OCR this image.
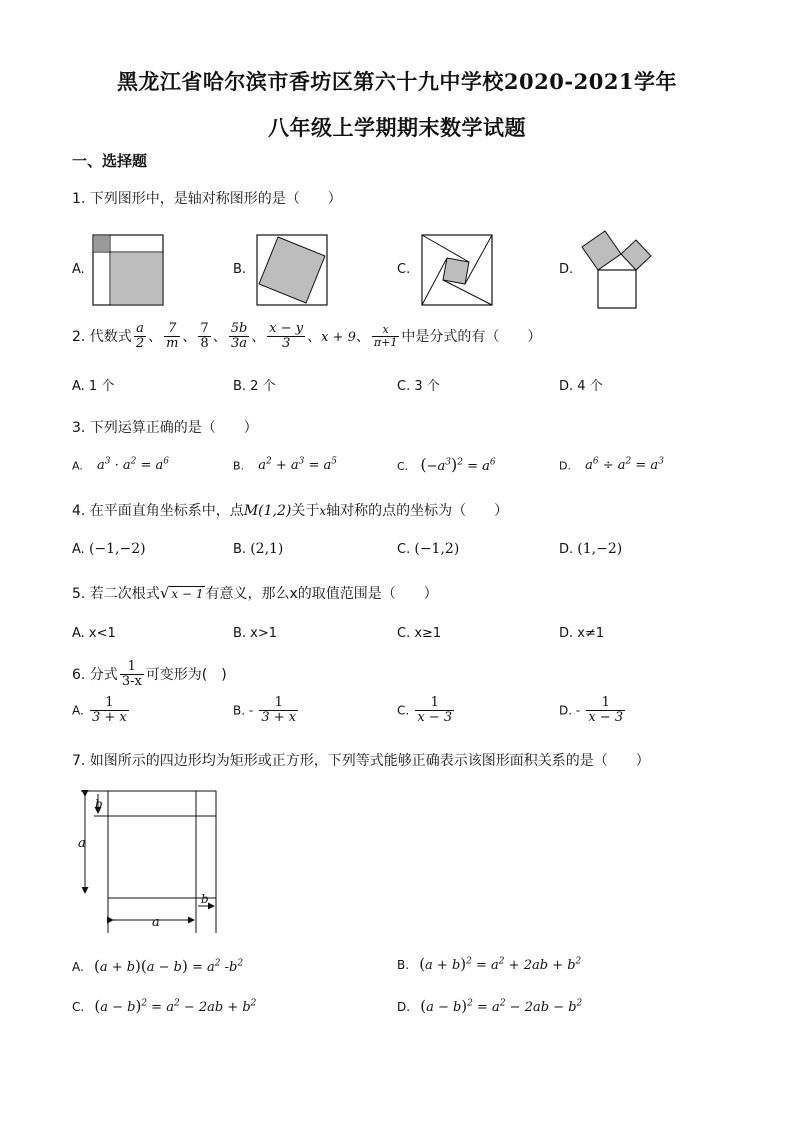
黑龙江省哈尔滨市香坊区第六十九中学校2020-2021学年
八年级上学期期末数学试题
一、选择题
1. 下列图形中，是轴对称图形的是（　　）
A.	B.	C.	D.
2. 代数式 $\frac{a}{2}$ 、 $\frac{7}{m}$ 、 $\frac{7}{8}$ 、 $\frac{5b}{3a}$ 、 $\frac{x - y}{3}$ 、x + 9、 $\frac{x}{\pi+1}$ 中是分式的有（　　）
A. 1 个	B. 2 个	C. 3 个	D. 4 个
3. 下列运算正确的是（　　）
A. $a^3 \cdot a^2 = a^6$	B. $a^2 + a^3 = a^5$	C. $(-a^3)^2 = a^6$	D. $a^6 \div a^2 = a^3$
4. 在平面直角坐标系中，点M(1,2)关于x轴对称的点的坐标为（　　）
A. (−1,−2)	B. (2,1)	C. (−1,2)	D. (1,−2)
5. 若二次根式√ x − 1 有意义，那么x的取值范围是（　　）
A. x<1	B. x>1	C. x≥1	D. x≠1
6. 分式 $\frac{1}{3-x}$ 可变形为(　)
A. $\frac{1}{3 + x}$	B. - $\frac{1}{3 + x}$	C. $\frac{1}{x - 3}$	D. - $\frac{1}{x - 3}$
7. 如图所示的四边形均为矩形或正方形，下列等式能够正确表示该图形面积关系的是（　　）
a
b
a
b
A. $(a + b)(a - b) = a^2$ $-b^2$	B. $(a + b)^2 = a^2 + 2ab + b^2$
C. $(a - b)^2 = a^2 - 2ab + b^2$	D. $(a - b)^2 = a^2 - 2ab - b^2$
